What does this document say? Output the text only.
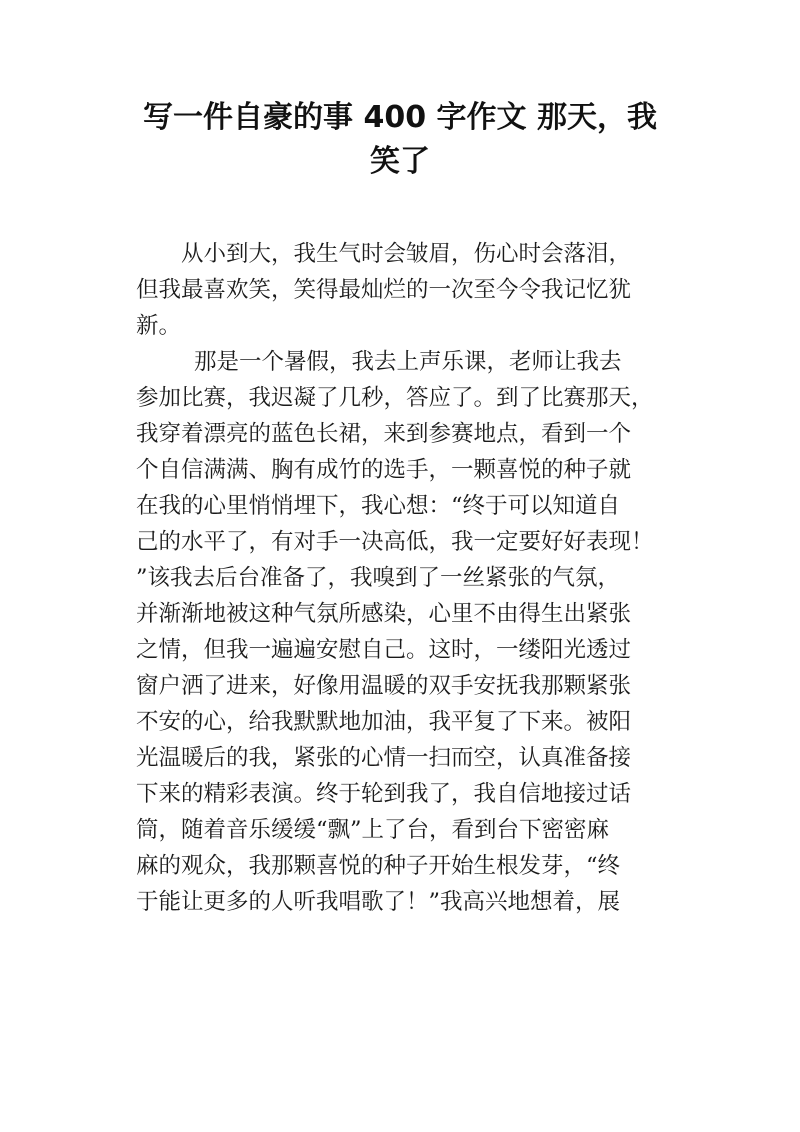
写一件自豪的事 400 字作文 那天，我
笑了
从小到大，我生气时会皱眉，伤心时会落泪，
但我最喜欢笑，笑得最灿烂的一次至今令我记忆犹
新。
那是一个暑假，我去上声乐课，老师让我去
参加比赛，我迟凝了几秒，答应了。到了比赛那天，
我穿着漂亮的蓝色长裙，来到参赛地点，看到一个
个自信满满、胸有成竹的选手，一颗喜悦的种子就
在我的心里悄悄埋下，我心想：“终于可以知道自
己的水平了，有对手一决高低，我一定要好好表现！
”该我去后台准备了，我嗅到了一丝紧张的气氛，
并渐渐地被这种气氛所感染，心里不由得生出紧张
之情，但我一遍遍安慰自己。这时，一缕阳光透过
窗户洒了进来，好像用温暖的双手安抚我那颗紧张
不安的心，给我默默地加油，我平复了下来。被阳
光温暖后的我，紧张的心情一扫而空，认真准备接
下来的精彩表演。终于轮到我了，我自信地接过话
筒，随着音乐缓缓“飘”上了台，看到台下密密麻
麻的观众，我那颗喜悦的种子开始生根发芽，“终
于能让更多的人听我唱歌了！”我高兴地想着，展
